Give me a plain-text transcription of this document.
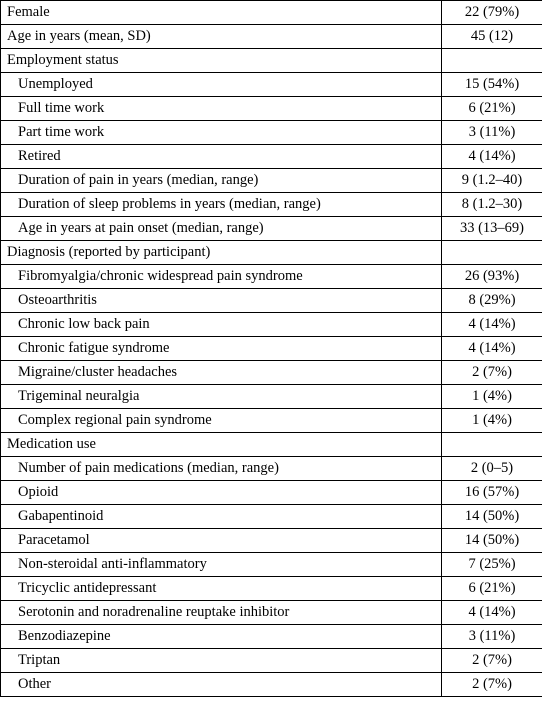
Female	22 (79%)
Age in years (mean, SD)	45 (12)
Employment status	
Unemployed	15 (54%)
Full time work	6 (21%)
Part time work	3 (11%)
Retired	4 (14%)
Duration of pain in years (median, range)	9 (1.2–40)
Duration of sleep problems in years (median, range)	8 (1.2–30)
Age in years at pain onset (median, range)	33 (13–69)
Diagnosis (reported by participant)	
Fibromyalgia/chronic widespread pain syndrome	26 (93%)
Osteoarthritis	8 (29%)
Chronic low back pain	4 (14%)
Chronic fatigue syndrome	4 (14%)
Migraine/cluster headaches	2 (7%)
Trigeminal neuralgia	1 (4%)
Complex regional pain syndrome	1 (4%)
Medication use	
Number of pain medications (median, range)	2 (0–5)
Opioid	16 (57%)
Gabapentinoid	14 (50%)
Paracetamol	14 (50%)
Non-steroidal anti-inflammatory	7 (25%)
Tricyclic antidepressant	6 (21%)
Serotonin and noradrenaline reuptake inhibitor	4 (14%)
Benzodiazepine	3 (11%)
Triptan	2 (7%)
Other	2 (7%)
